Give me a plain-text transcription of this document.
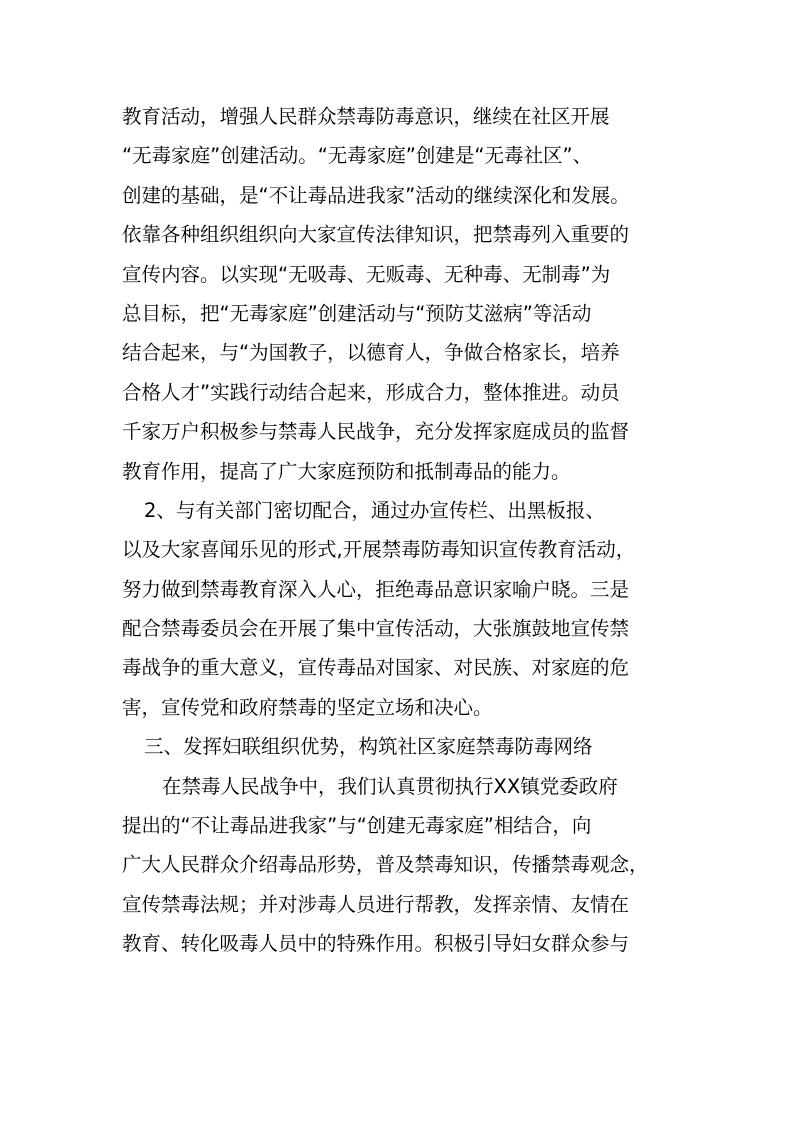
教育活动，增强人民群众禁毒防毒意识，继续在社区开展
“无毒家庭”创建活动。“无毒家庭”创建是“无毒社区”、
创建的基础，是“不让毒品进我家”活动的继续深化和发展。
依靠各种组织组织向大家宣传法律知识，把禁毒列入重要的
宣传内容。以实现“无吸毒、无贩毒、无种毒、无制毒”为
总目标，把“无毒家庭”创建活动与“预防艾滋病”等活动
结合起来，与“为国教子，以德育人，争做合格家长，培养
合格人才”实践行动结合起来，形成合力，整体推进。动员
千家万户积极参与禁毒人民战争，充分发挥家庭成员的监督
教育作用，提高了广大家庭预防和抵制毒品的能力。
2、与有关部门密切配合，通过办宣传栏、出黑板报、
以及大家喜闻乐见的形式,开展禁毒防毒知识宣传教育活动，
努力做到禁毒教育深入人心，拒绝毒品意识家喻户晓。三是
配合禁毒委员会在开展了集中宣传活动，大张旗鼓地宣传禁
毒战争的重大意义，宣传毒品对国家、对民族、对家庭的危
害，宣传党和政府禁毒的坚定立场和决心。
三、发挥妇联组织优势，构筑社区家庭禁毒防毒网络
在禁毒人民战争中，我们认真贯彻执行XX镇党委政府
提出的“不让毒品进我家”与“创建无毒家庭”相结合，向
广大人民群众介绍毒品形势，普及禁毒知识，传播禁毒观念，
宣传禁毒法规；并对涉毒人员进行帮教，发挥亲情、友情在
教育、转化吸毒人员中的特殊作用。积极引导妇女群众参与
